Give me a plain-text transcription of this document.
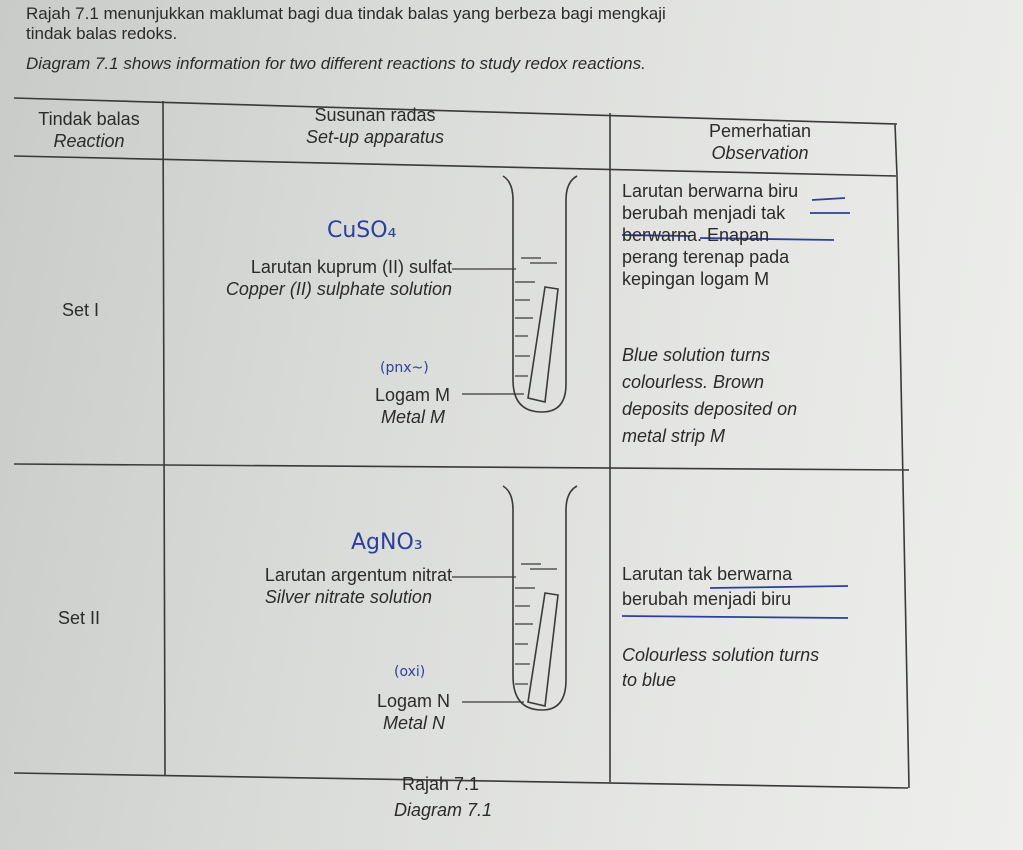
Rajah 7.1 menunjukkan maklumat bagi dua tindak balas yang berbeza bagi mengkaji
tindak balas redoks.
Diagram 7.1 shows information for two different reactions to study redox reactions.
Tindak balas
Reaction
Susunan radas
Set-up apparatus	Pemerhatian
Observation
Set I
CuSO₄
Larutan kuprum (II) sulfat
Copper (II) sulphate solution
(pnx~)
Logam M
Metal M
Larutan berwarna biru
berubah menjadi tak
berwarna. Enapan
perang terenap pada
kepingan logam M
Blue solution turns
colourless. Brown
deposits deposited on
metal strip M
Set II
AgNO₃
Larutan argentum nitrat
Silver nitrate solution
(oxi)
Logam N
Metal N
Larutan tak berwarna
berubah menjadi biru
Colourless solution turns
to blue
Rajah 7.1
Diagram 7.1
